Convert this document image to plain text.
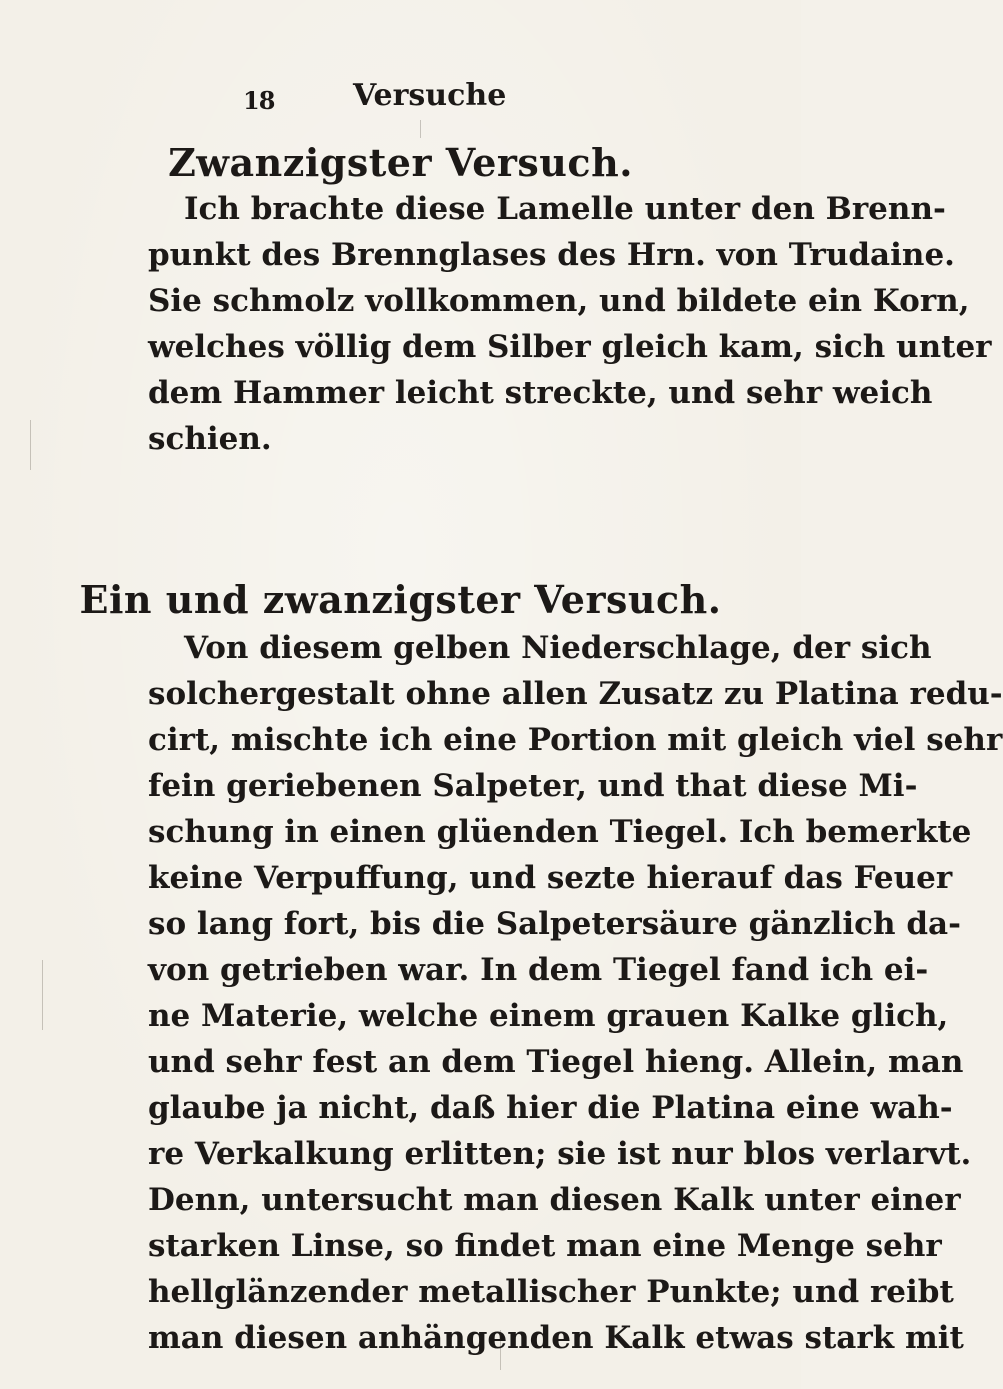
18	Versuche
Zwanzigster Versuch.
Ich brachte diese Lamelle unter den Brenn-
punkt des Brennglases des Hrn. von Trudaine.
Sie schmolz vollkommen, und bildete ein Korn,
welches völlig dem Silber gleich kam, sich unter
dem Hammer leicht streckte, und sehr weich
schien.
Ein und zwanzigster Versuch.
Von diesem gelben Niederschlage, der sich
solchergestalt ohne allen Zusatz zu Platina redu-
cirt, mischte ich eine Portion mit gleich viel sehr
fein geriebenen Salpeter, und that diese Mi-
schung in einen glüenden Tiegel. Ich bemerkte
keine Verpuffung, und sezte hierauf das Feuer
so lang fort, bis die Salpetersäure gänzlich da-
von getrieben war. In dem Tiegel fand ich ei-
ne Materie, welche einem grauen Kalke glich,
und sehr fest an dem Tiegel hieng. Allein, man
glaube ja nicht, daß hier die Platina eine wah-
re Verkalkung erlitten; sie ist nur blos verlarvt.
Denn, untersucht man diesen Kalk unter einer
starken Linse, so findet man eine Menge sehr
hellglänzender metallischer Punkte; und reibt
man diesen anhängenden Kalk etwas stark mit
